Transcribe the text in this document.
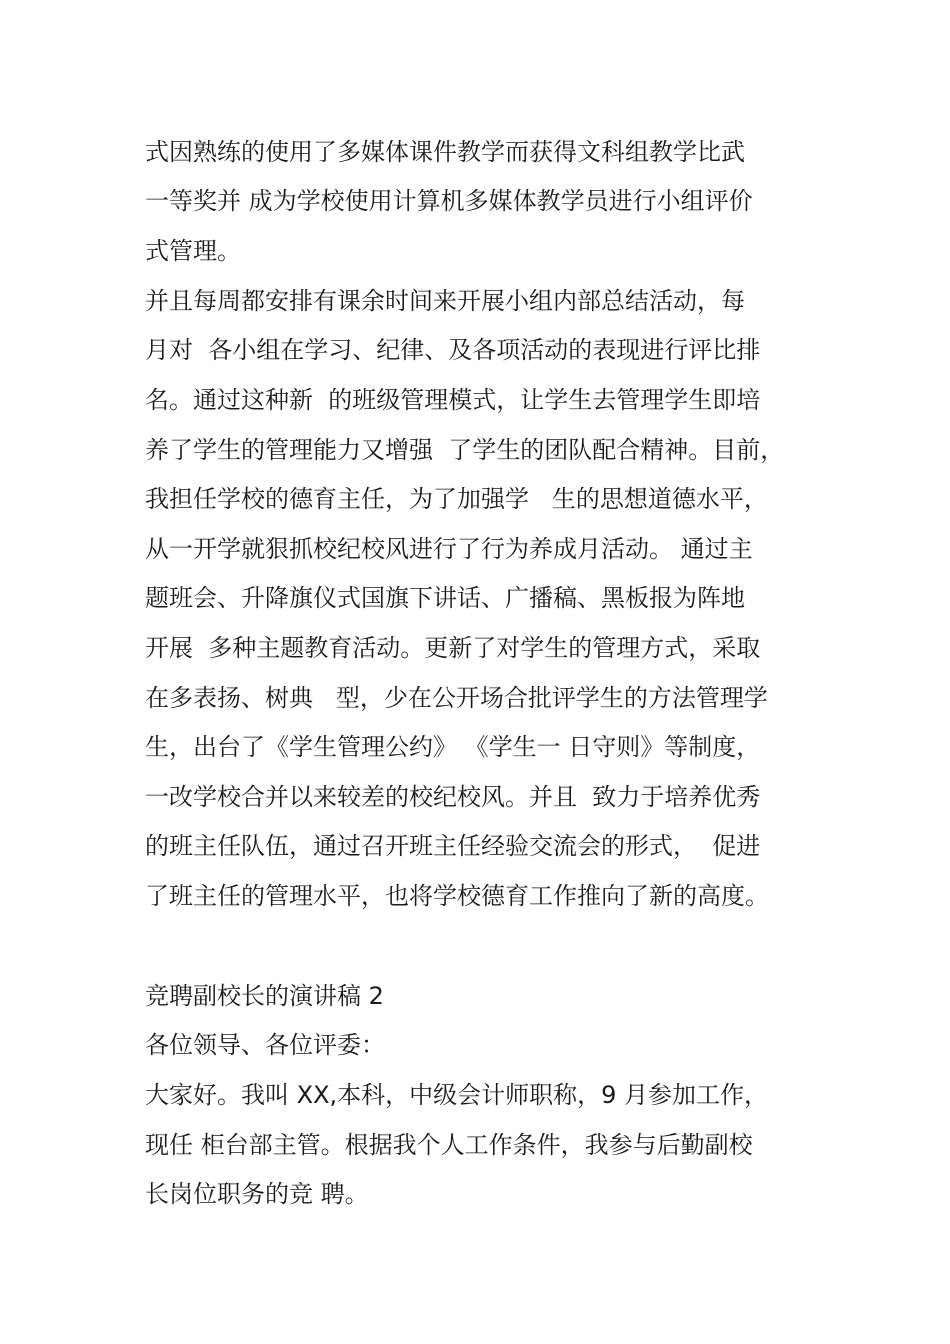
式因熟练的使用了多媒体课件教学而获得文科组教学比武
一等奖并 成为学校使用计算机多媒体教学员进行小组评价
式管理。
并且每周都安排有课余时间来开展小组内部总结活动，每
月对  各小组在学习、纪律、及各项活动的表现进行评比排
名。通过这种新  的班级管理模式，让学生去管理学生即培
养了学生的管理能力又增强  了学生的团队配合精神。目前，
我担任学校的德育主任，为了加强学   生的思想道德水平，
从一开学就狠抓校纪校风进行了行为养成月活动。 通过主
题班会、升降旗仪式国旗下讲话、广播稿、黑板报为阵地
开展  多种主题教育活动。更新了对学生的管理方式，采取
在多表扬、树典   型，少在公开场合批评学生的方法管理学
生，出台了《学生管理公约》 《学生一 日守则》等制度，
一改学校合并以来较差的校纪校风。并且  致力于培养优秀
的班主任队伍，通过召开班主任经验交流会的形式，  促进
了班主任的管理水平，也将学校德育工作推向了新的高度。
竞聘副校长的演讲稿 2
各位领导、各位评委：
大家好。我叫 XX,本科，中级会计师职称，9 月参加工作，
现任 柜台部主管。根据我个人工作条件，我参与后勤副校
长岗位职务的竞 聘。
